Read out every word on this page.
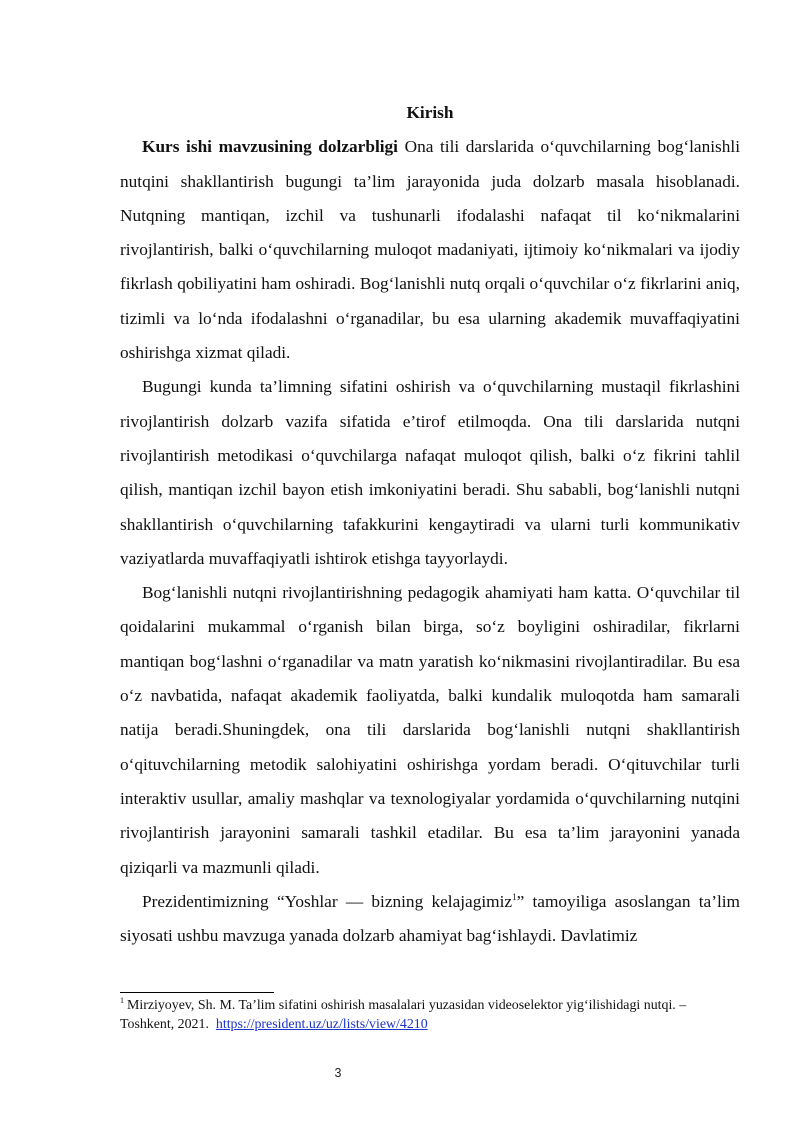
Kirish

Kurs ishi mavzusining dolzarbligi Ona tili darslarida o‘quvchilarning bog‘lanishli nutqini shakllantirish bugungi ta’lim jarayonida juda dolzarb masala hisoblanadi. Nutqning mantiqan, izchil va tushunarli ifodalashi nafaqat til ko‘nikmalarini rivojlantirish, balki o‘quvchilarning muloqot madaniyati, ijtimoiy ko‘nikmalari va ijodiy fikrlash qobiliyatini ham oshiradi. Bog‘lanishli nutq orqali o‘quvchilar o‘z fikrlarini aniq, tizimli va lo‘nda ifodalashni o‘rganadilar, bu esa ularning akademik muvaffaqiyatini oshirishga xizmat qiladi.

Bugungi kunda ta’limning sifatini oshirish va o‘quvchilarning mustaqil fikrlashini rivojlantirish dolzarb vazifa sifatida e’tirof etilmoqda. Ona tili darslarida nutqni rivojlantirish metodikasi o‘quvchilarga nafaqat muloqot qilish, balki o‘z fikrini tahlil qilish, mantiqan izchil bayon etish imkoniyatini beradi. Shu sababli, bog‘lanishli nutqni shakllantirish o‘quvchilarning tafakkurini kengaytiradi va ularni turli kommunikativ vaziyatlarda muvaffaqiyatli ishtirok etishga tayyorlaydi.

Bog‘lanishli nutqni rivojlantirishning pedagogik ahamiyati ham katta. O‘quvchilar til qoidalarini mukammal o‘rganish bilan birga, so‘z boyligini oshiradilar, fikrlarni mantiqan bog‘lashni o‘rganadilar va matn yaratish ko‘nikmasini rivojlantiradilar. Bu esa o‘z navbatida, nafaqat akademik faoliyatda, balki kundalik muloqotda ham samarali natija beradi.Shuningdek, ona tili darslarida bog‘lanishli nutqni shakllantirish o‘qituvchilarning metodik salohiyatini oshirishga yordam beradi. O‘qituvchilar turli interaktiv usullar, amaliy mashqlar va texnologiyalar yordamida o‘quvchilarning nutqini rivojlantirish jarayonini samarali tashkil etadilar. Bu esa ta’lim jarayonini yanada qiziqarli va mazmunli qiladi.

Prezidentimizning “Yoshlar — bizning kelajagimiz$^1$” tamoyiliga asoslangan ta’lim siyosati ushbu mavzuga yanada dolzarb ahamiyat bag‘ishlaydi. Davlatimiz

$^1$ Mirziyoyev, Sh. M. Ta’lim sifatini oshirish masalalari yuzasidan videoselektor yig‘ilishidagi nutqi. – Toshkent, 2021. https://president.uz/uz/lists/view/4210
3
